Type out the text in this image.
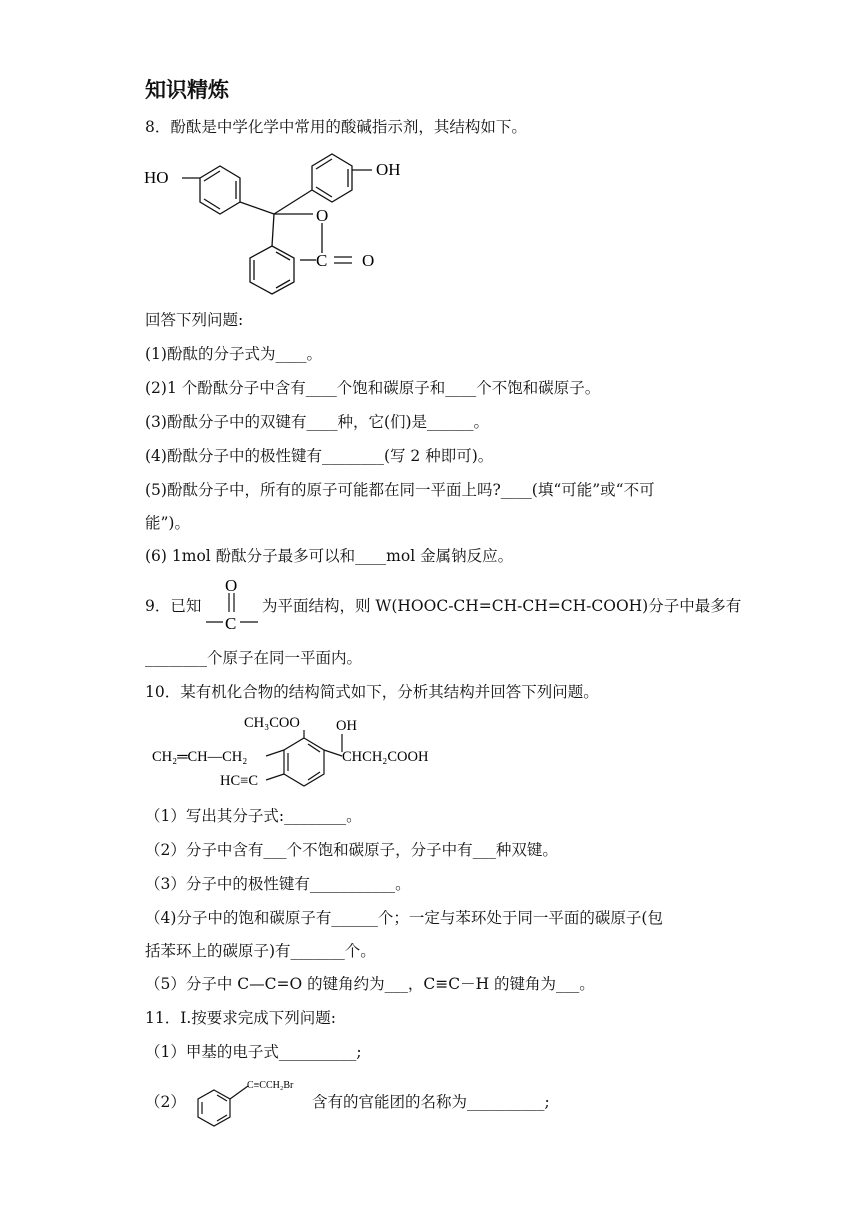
知识精炼
8．酚酞是中学化学中常用的酸碱指示剂，其结构如下。
HO	OH
O
C O
回答下列问题:
(1)酚酞的分子式为____。
(2)1 个酚酞分子中含有____个饱和碳原子和____个不饱和碳原子。
(3)酚酞分子中的双键有____种，它(们)是______。
(4)酚酞分子中的极性键有________(写 2 种即可)。
(5)酚酞分子中，所有的原子可能都在同一平面上吗?____(填“可能”或“不可
能”)。
(6) 1mol 酚酞分子最多可以和____mol 金属钠反应。
9．已知
O
C
为平面结构，则 W(HOOC-CH=CH-CH=CH-COOH)分子中最多有
________个原子在同一平面内。
10．某有机化合物的结构简式如下，分析其结构并回答下列问题。
CH₃COO OH
CH₂═CH—CH₂	CHCH₂COOH
HC≡C
（1）写出其分子式:________。
（2）分子中含有___个不饱和碳原子，分子中有___种双键。
（3）分子中的极性键有___________。
（4)分子中的饱和碳原子有______个；一定与苯环处于同一平面的碳原子(包
括苯环上的碳原子)有_______个。
（5）分子中 C—C=O 的键角约为___，C≡C－H 的键角为___。
11．I.按要求完成下列问题:
（1）甲基的电子式__________;
（2）
C≡CCH₂Br
含有的官能团的名称为__________;
